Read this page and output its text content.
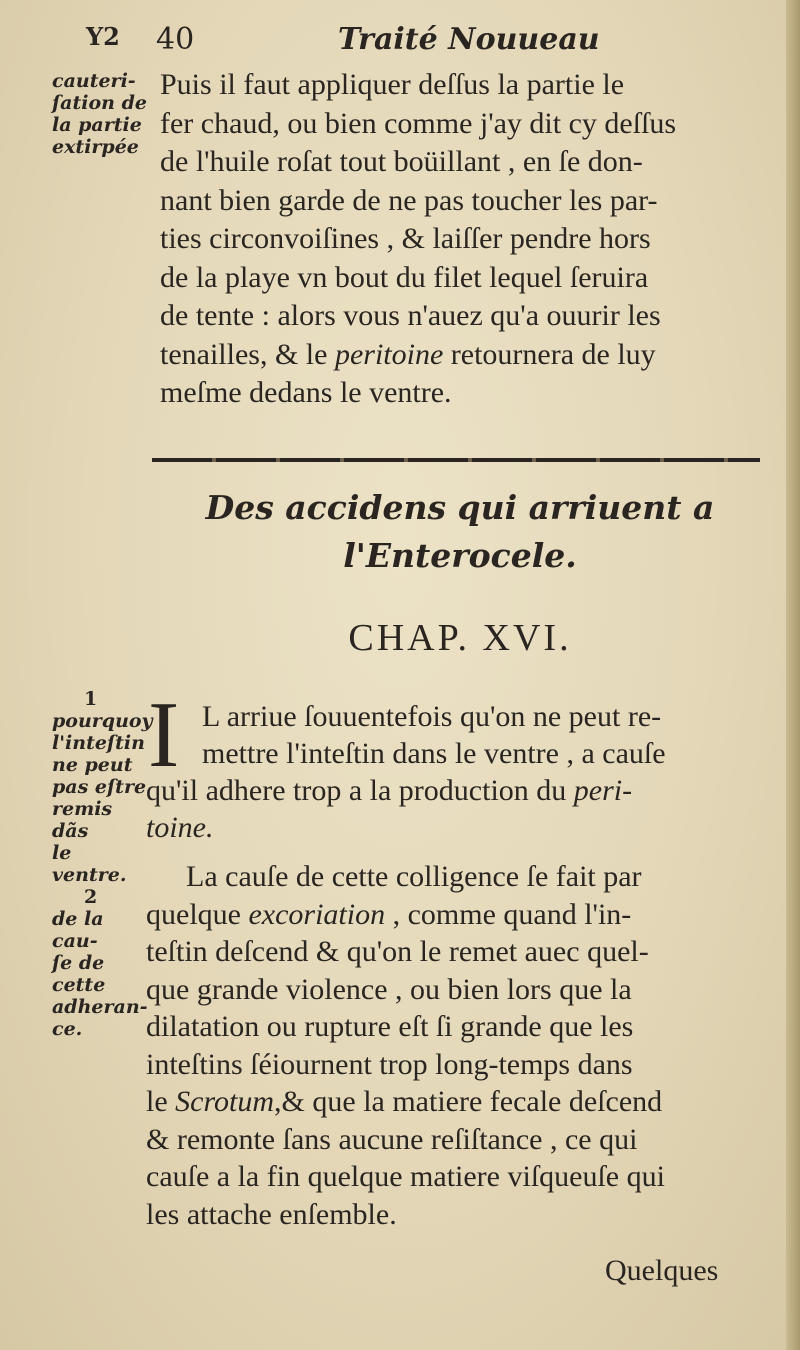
Y2 40	Traité Nouueau
cauteri-
ſation de
la partie
extirpée
Puis il faut appliquer deſſus la partie le
fer chaud, ou bien comme j'ay dit cy deſſus
de l'huile roſat tout boüillant , en ſe don-
nant bien garde de ne pas toucher les par-
ties circonvoiſines , & laiſſer pendre hors
de la playe vn bout du filet lequel ſeruira
de tente : alors vous n'auez qu'a ouurir les
tenailles, & le peritoine retournera de luy
meſme dedans le ventre.
Des accidens qui arriuent a
l'Enterocele.
CHAP. XVI.
1
pourquoy
l'inteſtin
ne peut
pas eſtre
remis dãs
le ventre.
2
de la cau-
ſe de cette
adheran-
ce.
I L arriue ſouuentefois qu'on ne peut re-
mettre l'inteſtin dans le ventre , a cauſe
qu'il adhere trop a la production du peri-
toine.
La cauſe de cette colligence ſe fait par
quelque excoriation , comme quand l'in-
teſtin deſcend & qu'on le remet auec quel-
que grande violence , ou bien lors que la
dilatation ou rupture eſt ſi grande que les
inteſtins ſéiournent trop long-temps dans
le Scrotum,& que la matiere fecale deſcend
& remonte ſans aucune reſiſtance , ce qui
cauſe a la fin quelque matiere viſqueuſe qui
les attache enſemble.
Quelques
